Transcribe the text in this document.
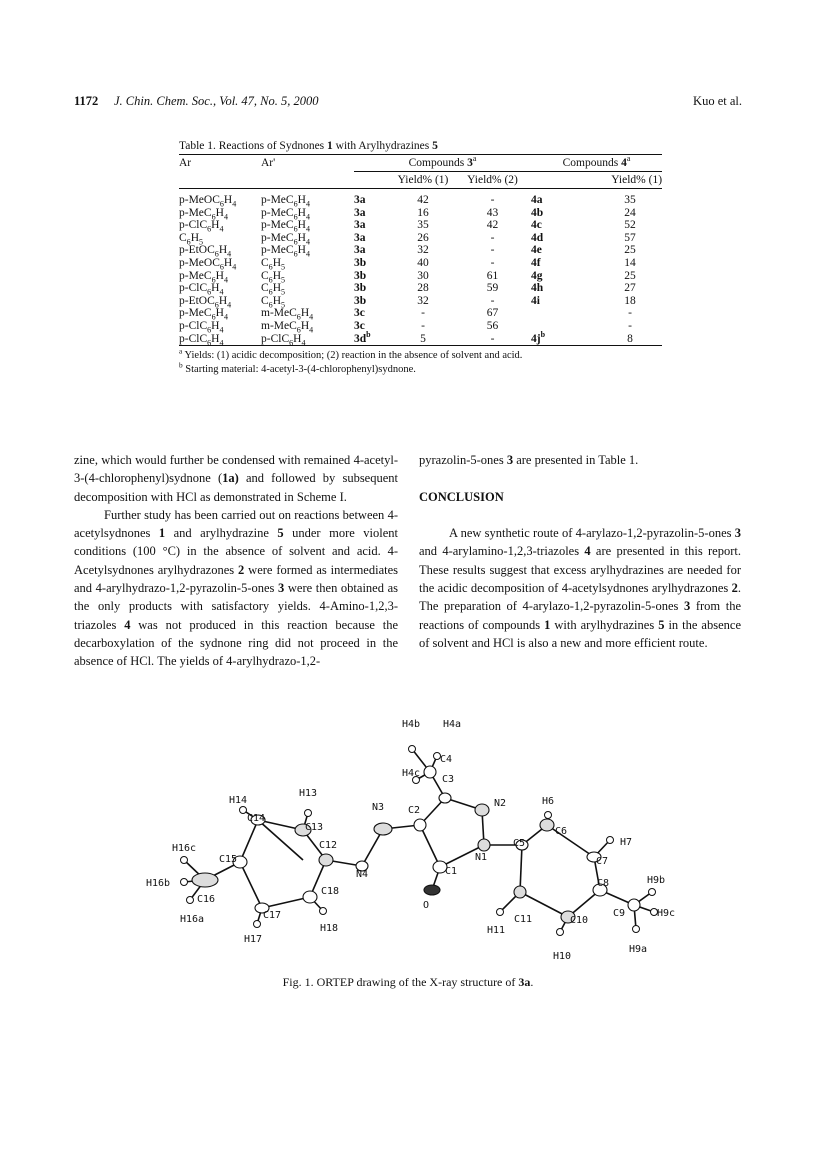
1172 J. Chin. Chem. Soc., Vol. 47, No. 5, 2000	Kuo et al.
Table 1. Reactions of Sydnones 1 with Arylhydrazines 5
Ar	Ar'	Compounds 3$^a$			Compounds 4$^a$
			Yield% (1)	Yield% (2)		Yield% (1)
$p-MeOC_6H_4$	$p-MeC_6H_4$	3a	42	-	4a	35
$p-MeC_6H_4$	$p-MeC_6H_4$	3a	16	43	4b	24
$p-ClC_6H_4$	$p-MeC_6H_4$	3a	35	42	4c	52
$C_6H_5$	$p-MeC_6H_4$	3a	26	-	4d	57
$p-EtOC_6H_4$	$p-MeC_6H_4$	3a	32	-	4e	25
$p-MeOC_6H_4$	$C_6H_5$	3b	40	-	4f	14
$p-MeC_6H_4$	$C_6H_5$	3b	30	61	4g	25
$p-ClC_6H_4$	$C_6H_5$	3b	28	59	4h	27
$p-EtOC_6H_4$	$C_6H_5$	3b	32	-	4i	18
$p-MeC_6H_4$	$m-MeC_6H_4$	3c	-	67		-
$p-ClC_6H_4$	$m-MeC_6H_4$	3c	-	56		-
$p-ClC_6H_4$	$p-ClC_6H_4$	$3d^b$	5	-	$4j^b$	8
$^a$ Yields: (1) acidic decomposition; (2) reaction in the absence of solvent and acid.
$^b$ Starting material: 4-acetyl-3-(4-chlorophenyl)sydnone.

zine, which would further be condensed with remained 4-acetyl-3-(4-chlorophenyl)sydnone (1a) and followed by subsequent decomposition with HCl as demonstrated in Scheme I.

Further study has been carried out on reactions between 4-acetylsydnones 1 and arylhydrazine 5 under more violent conditions (100 °C) in the absence of solvent and acid. 4-Acetylsydnones arylhydrazones 2 were formed as intermediates and 4-arylhydrazo-1,2-pyrazolin-5-ones 3 were then obtained as the only products with satisfactory yields. 4-Amino-1,2,3-triazoles 4 was not produced in this reaction because the decarboxylation of the sydnone ring did not proceed in the absence of HCl. The yields of 4-arylhydrazo-1,2-

pyrazolin-5-ones 3 are presented in Table 1.

CONCLUSION

A new synthetic route of 4-arylazo-1,2-pyrazolin-5-ones 3 and 4-arylamino-1,2,3-triazoles 4 are presented in this report. These results suggest that excess arylhydrazines are needed for the acidic decomposition of 4-acetylsydnones arylhydrazones 2. The preparation of 4-arylazo-1,2-pyrazolin-5-ones 3 from the reactions of compounds 1 with arylhydrazines 5 in the absence of solvent and HCl is also a new and more efficient route.

H4b H4a
C4
H4c
C3
N2	H6
H13
H14
N3 C2
C6
H7
C14
C13
C12	C5
N1	C7
H16c
C15
N4	C1
C8	H9b
H16b
C16
C18
C9	H9c
O
C11	C10
H16a	C17
H11
H18
H17
H10
H9a
Fig. 1. ORTEP drawing of the X-ray structure of 3a.
